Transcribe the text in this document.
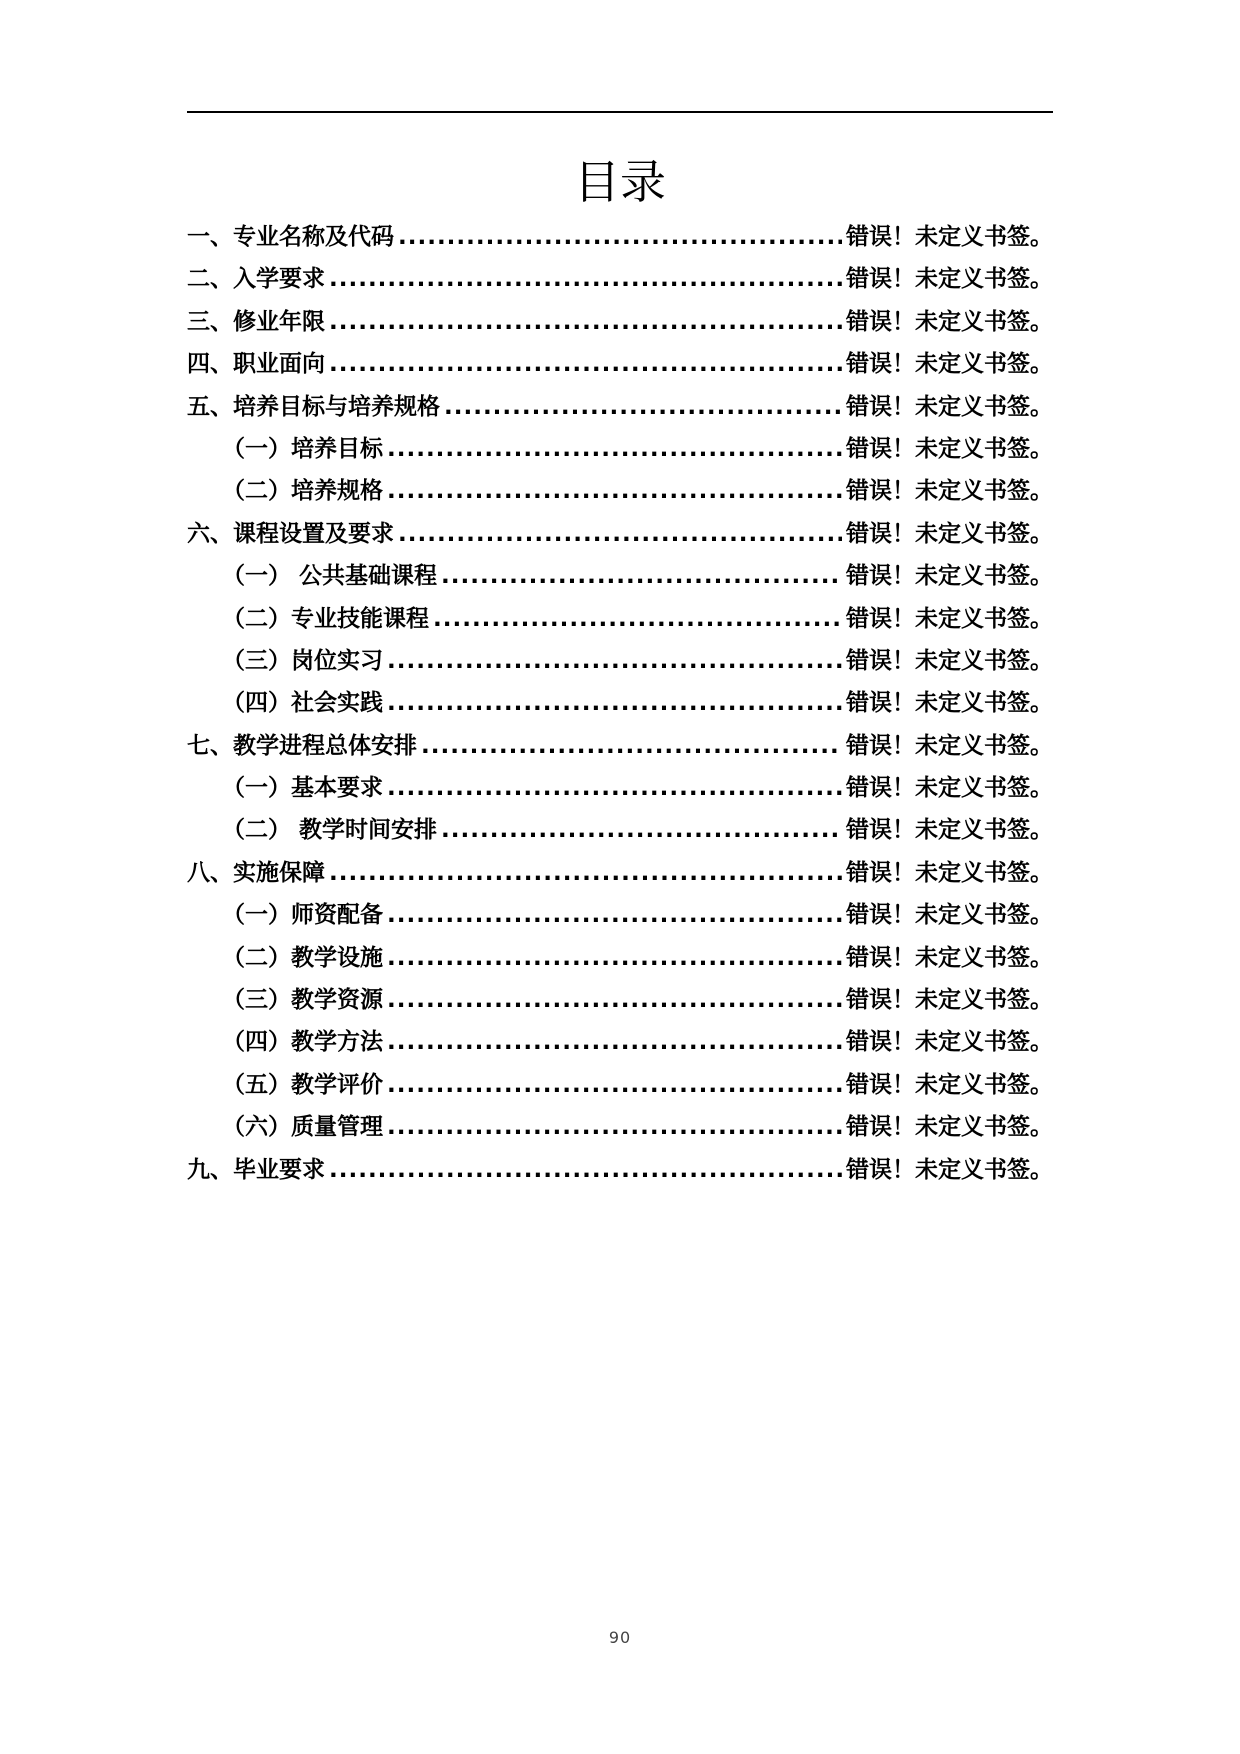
目录
一、专业名称及代码 .....	错误！未定义书签。
二、入学要求 .....	错误！未定义书签。
三、修业年限 .....	错误！未定义书签。
四、职业面向 .....	错误！未定义书签。
五、培养目标与培养规格 .....	错误！未定义书签。
（一）培养目标 .....	错误！未定义书签。
（二）培养规格 .....	错误！未定义书签。
六、课程设置及要求 .....	错误！未定义书签。
（一） 公共基础课程 .....	错误！未定义书签。
（二）专业技能课程 .....	错误！未定义书签。
（三）岗位实习 .....	错误！未定义书签。
（四）社会实践 .....	错误！未定义书签。
七、教学进程总体安排 .....	错误！未定义书签。
（一）基本要求 .....	错误！未定义书签。
（二） 教学时间安排 .....	错误！未定义书签。
八、实施保障 .....	错误！未定义书签。
（一）师资配备 .....	错误！未定义书签。
（二）教学设施 .....	错误！未定义书签。
（三）教学资源 .....	错误！未定义书签。
（四）教学方法 .....	错误！未定义书签。
（五）教学评价 .....	错误！未定义书签。
（六）质量管理 .....	错误！未定义书签。
九、毕业要求 .....	错误！未定义书签。
90
